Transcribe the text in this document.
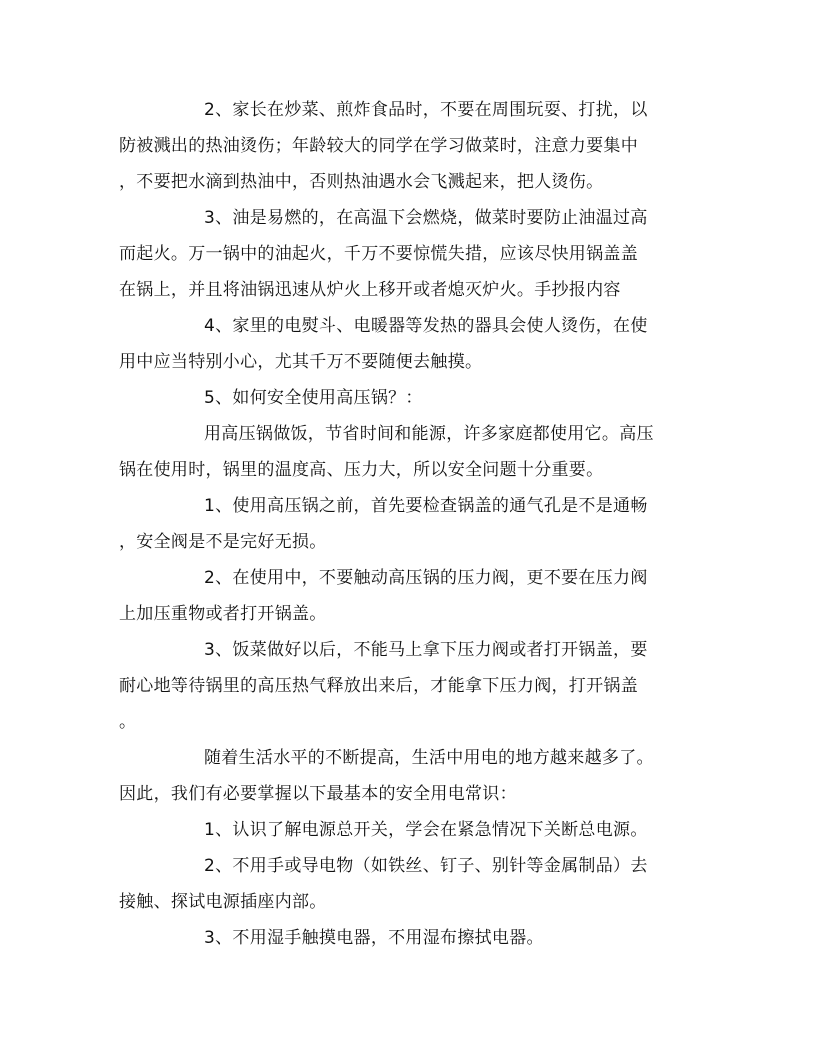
2、家长在炒菜、煎炸食品时，不要在周围玩耍、打扰，以

防被溅出的热油烫伤；年龄较大的同学在学习做菜时，注意力要集中

，不要把水滴到热油中，否则热油遇水会飞溅起来，把人烫伤。

3、油是易燃的，在高温下会燃烧，做菜时要防止油温过高

而起火。万一锅中的油起火，千万不要惊慌失措，应该尽快用锅盖盖

在锅上，并且将油锅迅速从炉火上移开或者熄灭炉火。手抄报内容

4、家里的电熨斗、电暖器等发热的器具会使人烫伤，在使

用中应当特别小心，尤其千万不要随便去触摸。

5、如何安全使用高压锅？：

用高压锅做饭，节省时间和能源，许多家庭都使用它。高压

锅在使用时，锅里的温度高、压力大，所以安全问题十分重要。

1、使用高压锅之前，首先要检查锅盖的通气孔是不是通畅

，安全阀是不是完好无损。

2、在使用中，不要触动高压锅的压力阀，更不要在压力阀

上加压重物或者打开锅盖。

3、饭菜做好以后，不能马上拿下压力阀或者打开锅盖，要

耐心地等待锅里的高压热气释放出来后，才能拿下压力阀，打开锅盖

。

随着生活水平的不断提高，生活中用电的地方越来越多了。

因此，我们有必要掌握以下最基本的安全用电常识：

1、认识了解电源总开关，学会在紧急情况下关断总电源。

2、不用手或导电物（如铁丝、钉子、别针等金属制品）去

接触、探试电源插座内部。

3、不用湿手触摸电器，不用湿布擦拭电器。
